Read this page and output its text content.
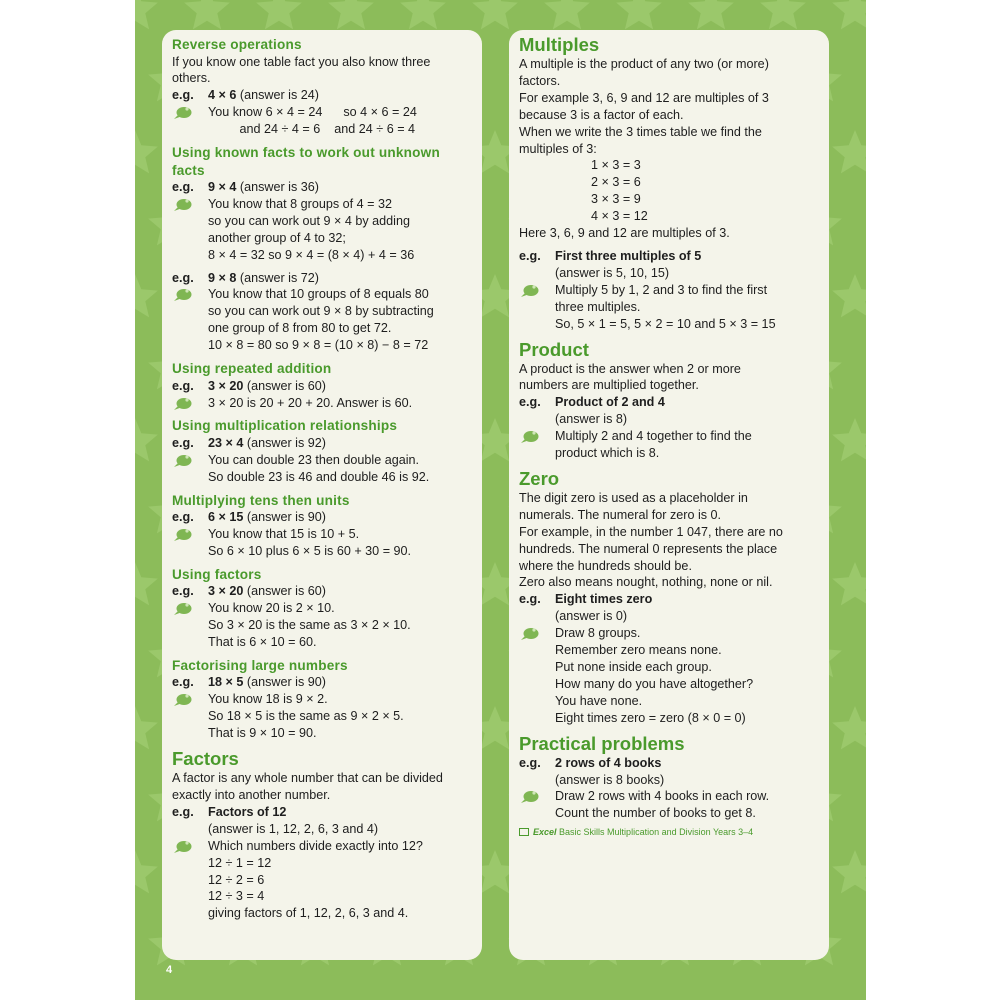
Reverse operations
If you know one table fact you also know three
others.
e.g. 4 × 6 (answer is 24)
You know 6 × 4 = 24      so 4 × 6 = 24
and 24 ÷ 4 = 6    and 24 ÷ 6 = 4
Using known facts to work out unknown
facts
e.g. 9 × 4 (answer is 36)
You know that 8 groups of 4 = 32
so you can work out 9 × 4 by adding
another group of 4 to 32;
8 × 4 = 32 so 9 × 4 = (8 × 4) + 4 = 36
e.g. 9 × 8 (answer is 72)
You know that 10 groups of 8 equals 80
so you can work out 9 × 8 by subtracting
one group of 8 from 80 to get 72.
10 × 8 = 80 so 9 × 8 = (10 × 8) − 8 = 72
Using repeated addition
e.g. 3 × 20 (answer is 60)
3 × 20 is 20 + 20 + 20. Answer is 60.
Using multiplication relationships
e.g. 23 × 4 (answer is 92)
You can double 23 then double again.
So double 23 is 46 and double 46 is 92.
Multiplying tens then units
e.g. 6 × 15 (answer is 90)
You know that 15 is 10 + 5.
So 6 × 10 plus 6 × 5 is 60 + 30 = 90.
Using factors
e.g. 3 × 20 (answer is 60)
You know 20 is 2 × 10.
So 3 × 20 is the same as 3 × 2 × 10.
That is 6 × 10 = 60.
Factorising large numbers
e.g. 18 × 5 (answer is 90)
You know 18 is 9 × 2.
So 18 × 5 is the same as 9 × 2 × 5.
That is 9 × 10 = 90.
Factors
A factor is any whole number that can be divided
exactly into another number.
e.g. Factors of 12
(answer is 1, 12, 2, 6, 3 and 4)
Which numbers divide exactly into 12?
12 ÷ 1 = 12
12 ÷ 2 = 6
12 ÷ 3 = 4
giving factors of 1, 12, 2, 6, 3 and 4.
Multiples
A multiple is the product of any two (or more)
factors.
For example 3, 6, 9 and 12 are multiples of 3
because 3 is a factor of each.
When we write the 3 times table we find the
multiples of 3:
1 × 3 = 3
2 × 3 = 6
3 × 3 = 9
4 × 3 = 12
Here 3, 6, 9 and 12 are multiples of 3.
e.g. First three multiples of 5
(answer is 5, 10, 15)
Multiply 5 by 1, 2 and 3 to find the first
three multiples.
So, 5 × 1 = 5, 5 × 2 = 10 and 5 × 3 = 15
Product
A product is the answer when 2 or more
numbers are multiplied together.
e.g. Product of 2 and 4
(answer is 8)
Multiply 2 and 4 together to find the
product which is 8.
Zero
The digit zero is used as a placeholder in
numerals. The numeral for zero is 0.
For example, in the number 1 047, there are no
hundreds. The numeral 0 represents the place
where the hundreds should be.
Zero also means nought, nothing, none or nil.
e.g. Eight times zero
(answer is 0)
Draw 8 groups.
Remember zero means none.
Put none inside each group.
How many do you have altogether?
You have none.
Eight times zero = zero (8 × 0 = 0)
Practical problems
e.g. 2 rows of 4 books
(answer is 8 books)
Draw 2 rows with 4 books in each row.
Count the number of books to get 8.
Excel Basic Skills Multiplication and Division Years 3–4
4
